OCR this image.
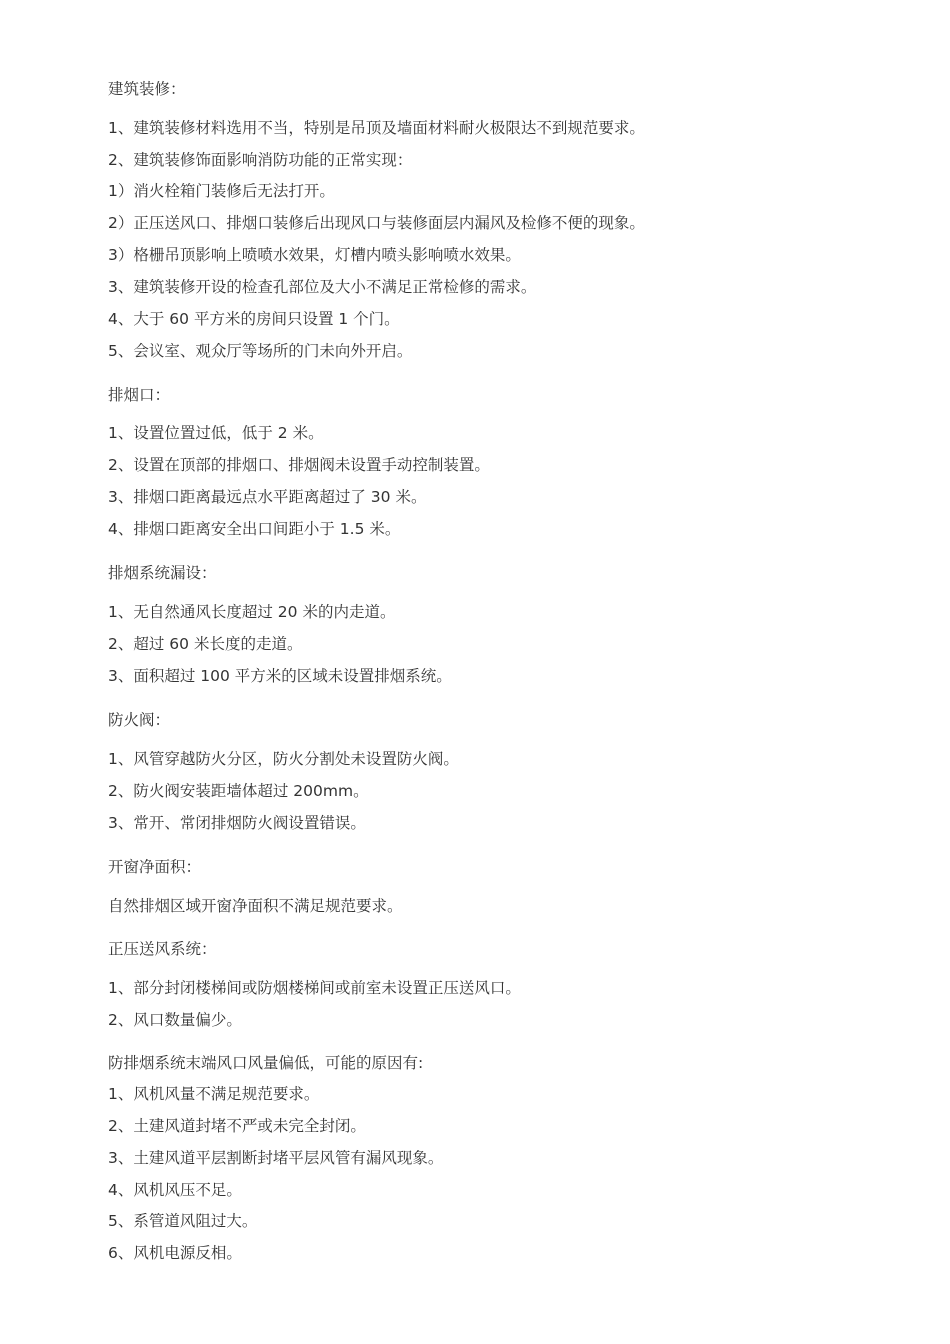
建筑装修：

1、建筑装修材料选用不当，特别是吊顶及墙面材料耐火极限达不到规范要求。

2、建筑装修饰面影响消防功能的正常实现：

1）消火栓箱门装修后无法打开。

2）正压送风口、排烟口装修后出现风口与装修面层内漏风及检修不便的现象。

3）格栅吊顶影响上喷喷水效果，灯槽内喷头影响喷水效果。

3、建筑装修开设的检查孔部位及大小不满足正常检修的需求。

4、大于 60 平方米的房间只设置 1 个门。

5、会议室、观众厅等场所的门未向外开启。

排烟口：

1、设置位置过低，低于 2 米。

2、设置在顶部的排烟口、排烟阀未设置手动控制装置。

3、排烟口距离最远点水平距离超过了 30 米。

4、排烟口距离安全出口间距小于 1.5 米。

排烟系统漏设：

1、无自然通风长度超过 20 米的内走道。

2、超过 60 米长度的走道。

3、面积超过 100 平方米的区域未设置排烟系统。

防火阀：

1、风管穿越防火分区，防火分割处未设置防火阀。

2、防火阀安装距墙体超过 200mm。

3、常开、常闭排烟防火阀设置错误。

开窗净面积：

自然排烟区域开窗净面积不满足规范要求。

正压送风系统：

1、部分封闭楼梯间或防烟楼梯间或前室未设置正压送风口。

2、风口数量偏少。

防排烟系统末端风口风量偏低，可能的原因有:

1、风机风量不满足规范要求。

2、土建风道封堵不严或未完全封闭。

3、土建风道平层割断封堵平层风管有漏风现象。

4、风机风压不足。

5、系管道风阻过大。

6、风机电源反相。
